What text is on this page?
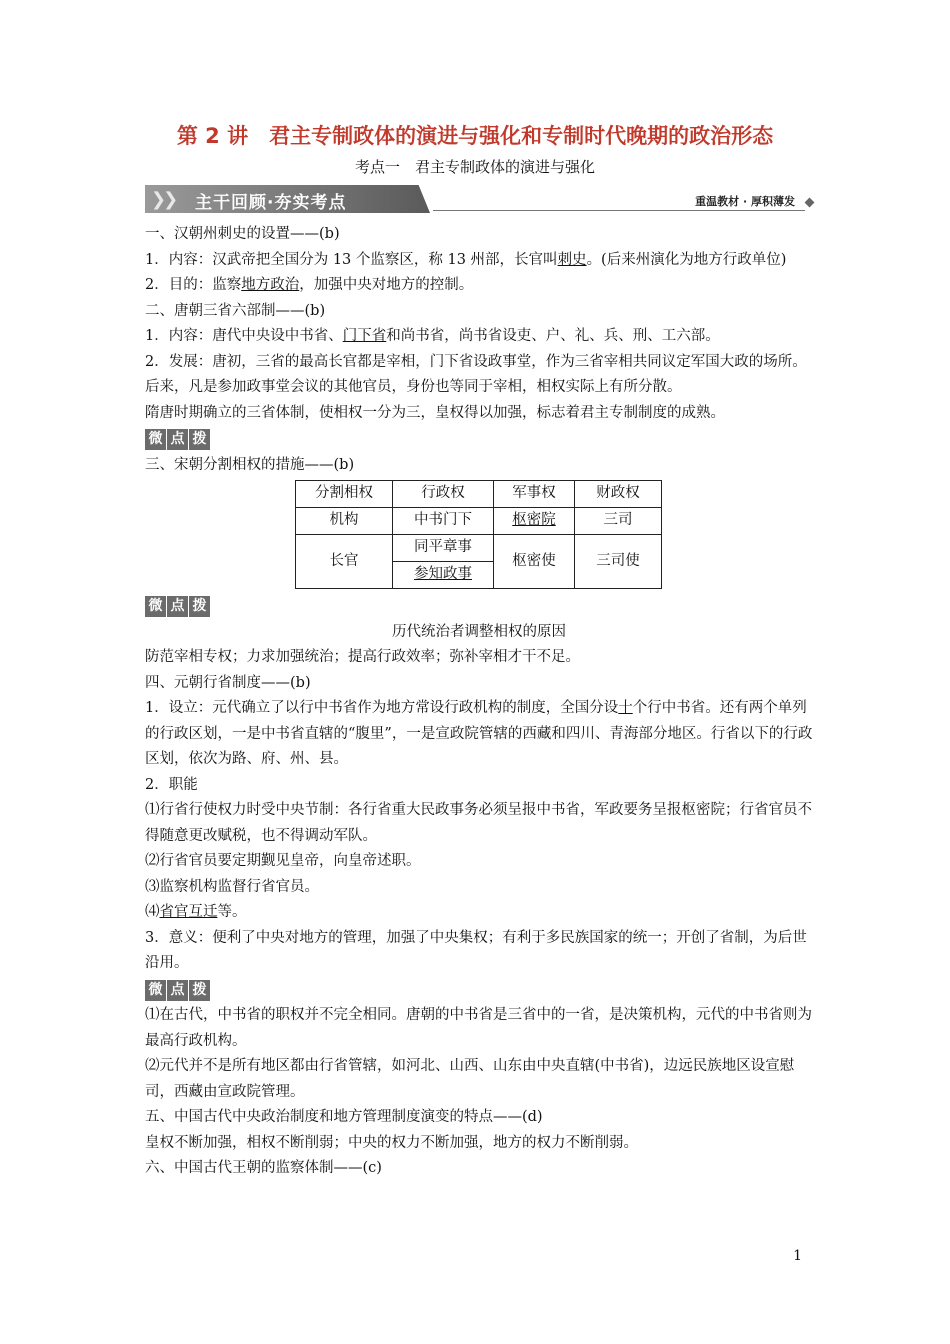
第 2 讲　君主专制政体的演进与强化和专制时代晚期的政治形态
考点一　君主专制政体的演进与强化
❯❯ 主干回顾·夯实考点	重温教材 · 厚积薄发

一、汉朝州刺史的设置——(b)

1．内容：汉武帝把全国分为 13 个监察区，称 13 州部，长官叫刺史。(后来州演化为地方行政单位)

2．目的：监察地方政治，加强中央对地方的控制。

二、唐朝三省六部制——(b)

1．内容：唐代中央设中书省、门下省和尚书省，尚书省设吏、户、礼、兵、刑、工六部。

2．发展：唐初，三省的最高长官都是宰相，门下省设政事堂，作为三省宰相共同议定军国大政的场所。后来，凡是参加政事堂会议的其他官员，身份也等同于宰相，相权实际上有所分散。

隋唐时期确立的三省体制，使相权一分为三，皇权得以加强，标志着君主专制制度的成熟。

微 点 拨

三、宋朝分割相权的措施——(b)

分割相权	行政权	军事权	财政权
机构	中书门下	枢密院	三司
长官	同平章事	枢密使	三司使
	参知政事		
微 点 拨

历代统治者调整相权的原因

防范宰相专权；力求加强统治；提高行政效率；弥补宰相才干不足。

四、元朝行省制度——(b)

1．设立：元代确立了以行中书省作为地方常设行政机构的制度，全国分设十个行中书省。还有两个单列的行政区划，一是中书省直辖的“腹里”，一是宣政院管辖的西藏和四川、青海部分地区。行省以下的行政区划，依次为路、府、州、县。

2．职能

⑴行省行使权力时受中央节制：各行省重大民政事务必须呈报中书省，军政要务呈报枢密院；行省官员不得随意更改赋税，也不得调动军队。

⑵行省官员要定期觐见皇帝，向皇帝述职。

⑶监察机构监督行省官员。

⑷省官互迁等。

3．意义：便利了中央对地方的管理，加强了中央集权；有利于多民族国家的统一；开创了省制，为后世沿用。

微 点 拨

⑴在古代，中书省的职权并不完全相同。唐朝的中书省是三省中的一省，是决策机构，元代的中书省则为最高行政机构。

⑵元代并不是所有地区都由行省管辖，如河北、山西、山东由中央直辖(中书省)，边远民族地区设宣慰司，西藏由宣政院管理。

五、中国古代中央政治制度和地方管理制度演变的特点——(d)

皇权不断加强，相权不断削弱；中央的权力不断加强，地方的权力不断削弱。

六、中国古代王朝的监察体制——(c)

1
